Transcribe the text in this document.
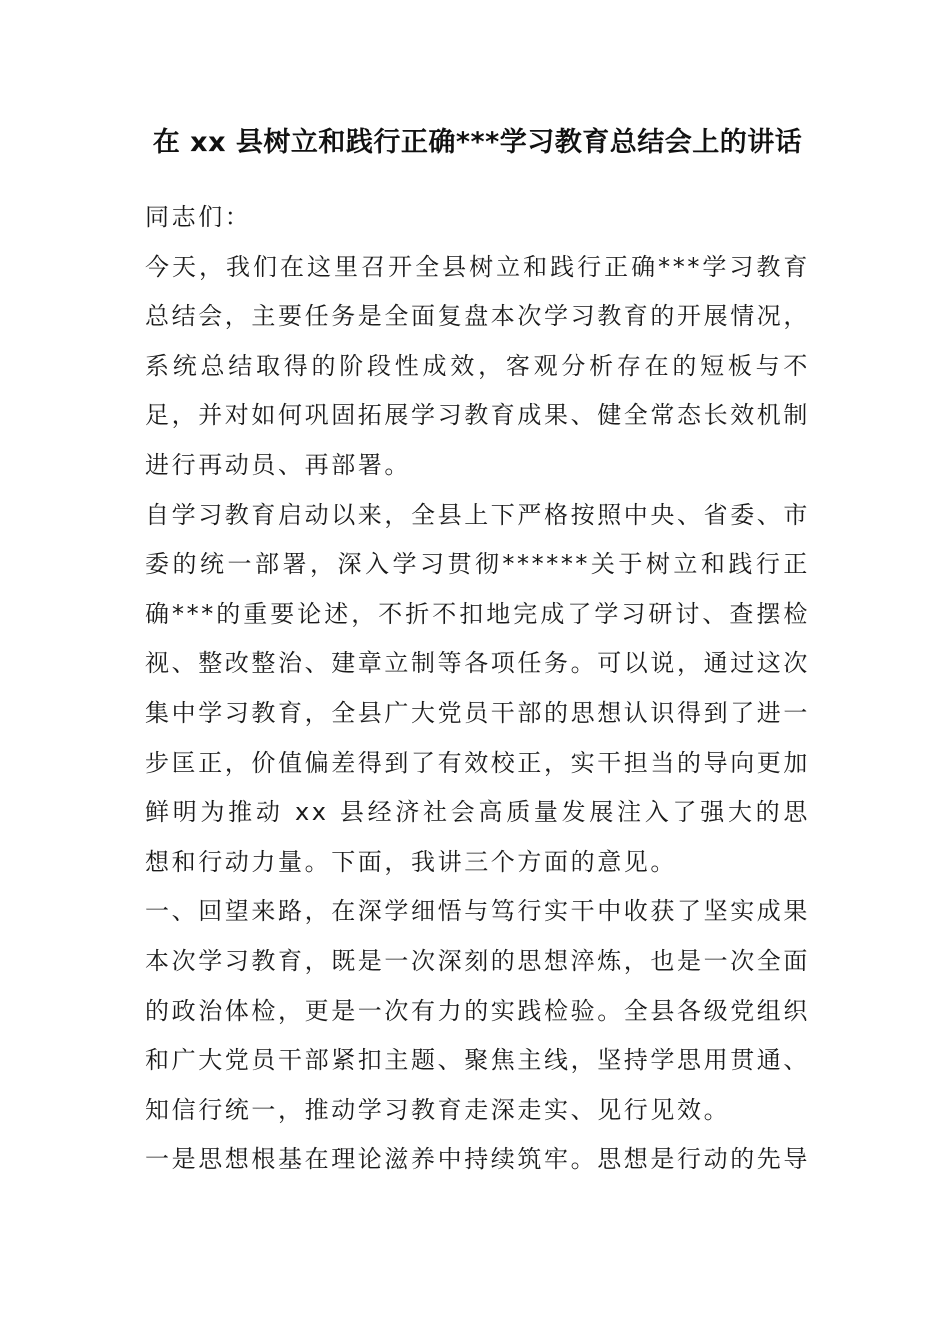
在 xx 县树立和践行正确***学习教育总结会上的讲话

同志们：

今天，我们在这里召开全县树立和践行正确***学习教育总结会，主要任务是全面复盘本次学习教育的开展情况，系统总结取得的阶段性成效，客观分析存在的短板与不足，并对如何巩固拓展学习教育成果、健全常态长效机制进行再动员、再部署。

自学习教育启动以来，全县上下严格按照中央、省委、市委的统一部署，深入学习贯彻******关于树立和践行正确***的重要论述，不折不扣地完成了学习研讨、查摆检视、整改整治、建章立制等各项任务。可以说，通过这次集中学习教育，全县广大党员干部的思想认识得到了进一步匡正，价值偏差得到了有效校正，实干担当的导向更加鲜明为推动 xx 县经济社会高质量发展注入了强大的思想和行动力量。下面，我讲三个方面的意见。

一、回望来路，在深学细悟与笃行实干中收获了坚实成果

本次学习教育，既是一次深刻的思想淬炼，也是一次全面的政治体检，更是一次有力的实践检验。全县各级党组织和广大党员干部紧扣主题、聚焦主线，坚持学思用贯通、知信行统一，推动学习教育走深走实、见行见效。

一是思想根基在理论滋养中持续筑牢。思想是行动的先导
